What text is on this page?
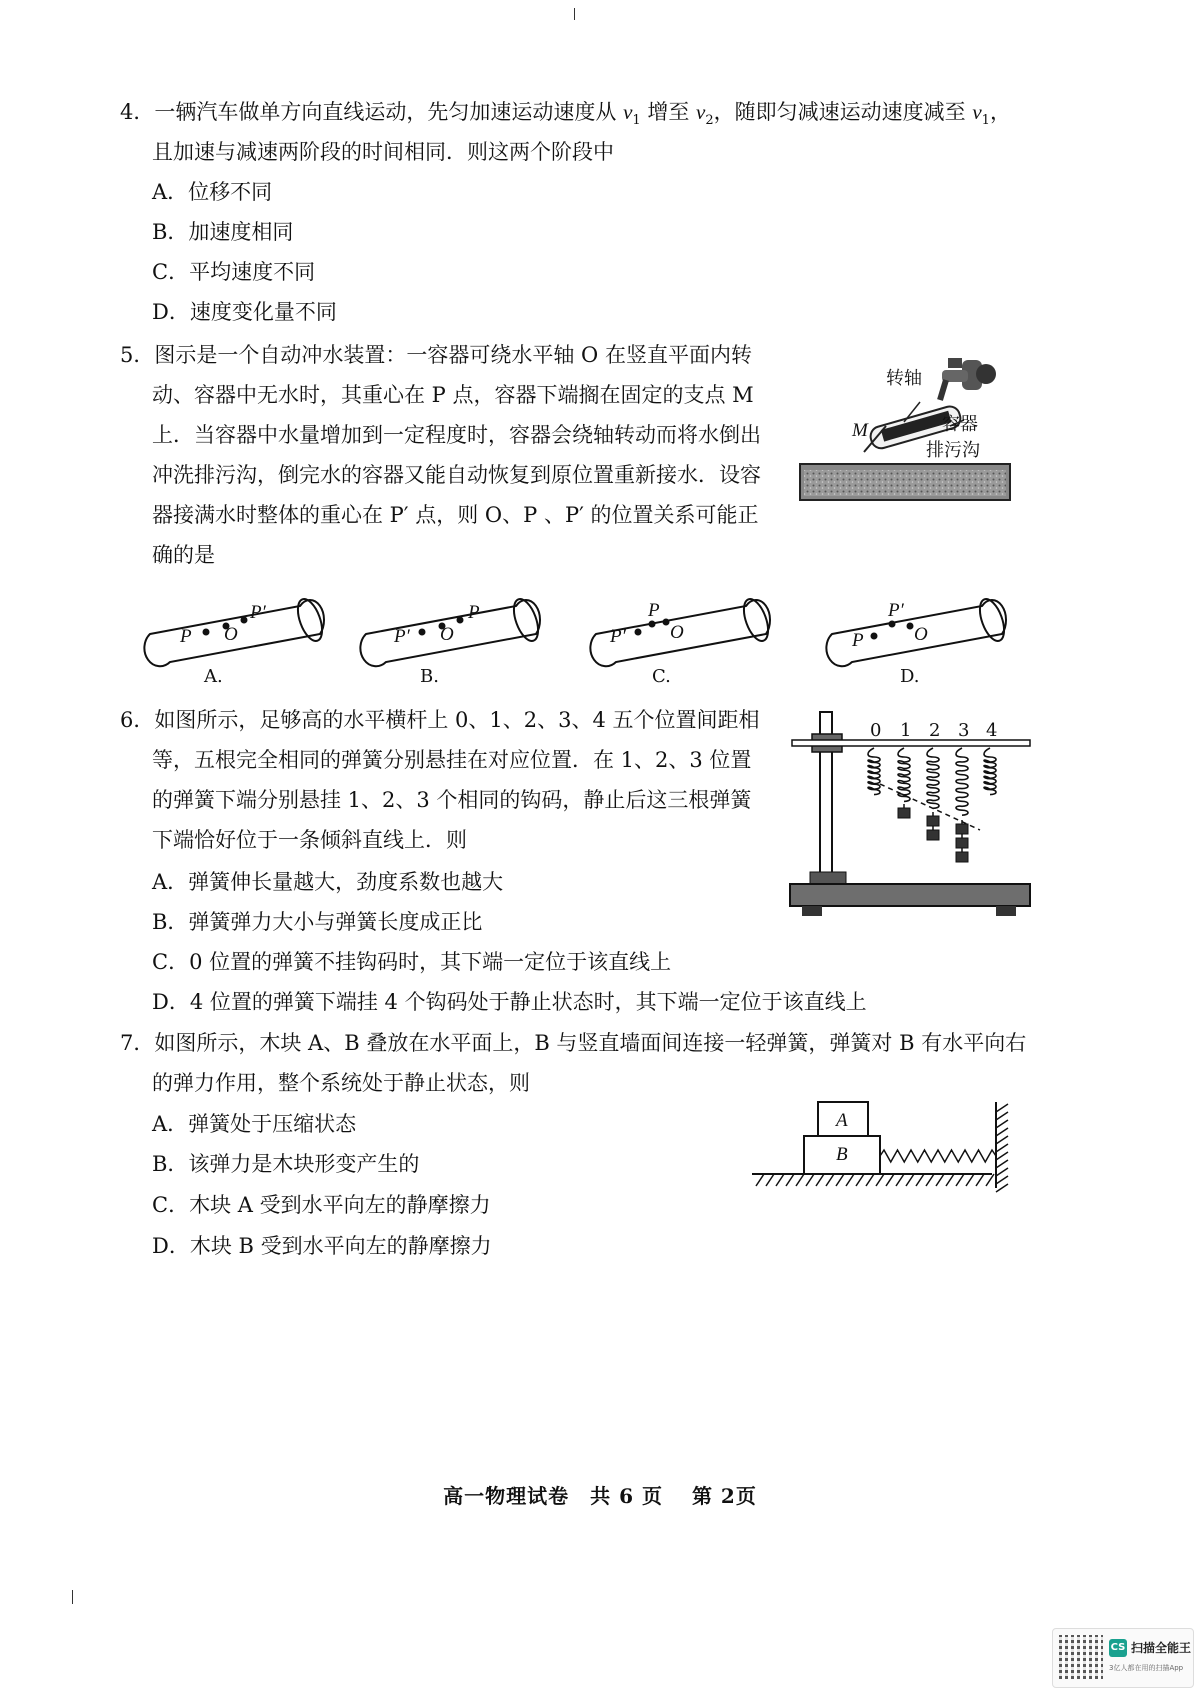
4．一辆汽车做单方向直线运动，先匀加速运动速度从 $v_1$ 增至 $v_2$，随即匀减速运动速度减至 $v_1$，
且加速与减速两阶段的时间相同．则这两个阶段中
A．位移不同
B．加速度相同
C．平均速度不同
D．速度变化量不同
5．图示是一个自动冲水装置：一容器可绕水平轴 O 在竖直平面内转
动、容器中无水时，其重心在 P 点，容器下端搁在固定的支点 M
上．当容器中水量增加到一定程度时，容器会绕轴转动而将水倒出
冲洗排污沟，倒完水的容器又能自动恢复到原位置重新接水．设容
器接满水时整体的重心在 P′ 点，则 O、P 、P′ 的位置关系可能正
确的是
转轴
容器
排污沟
M
P O
P′
A.
P′ O
P
B.
P′
P
O
C.
P
P′
O
D.
6．如图所示，足够高的水平横杆上 0、1、2、3、4 五个位置间距相
等，五根完全相同的弹簧分别悬挂在对应位置．在 1、2、3 位置
的弹簧下端分别悬挂 1、2、3 个相同的钩码，静止后这三根弹簧
下端恰好位于一条倾斜直线上．则
A．弹簧伸长量越大，劲度系数也越大
B．弹簧弹力大小与弹簧长度成正比
C．0 位置的弹簧不挂钩码时，其下端一定位于该直线上
D．4 位置的弹簧下端挂 4 个钩码处于静止状态时，其下端一定位于该直线上
0 1 2 3 4
7．如图所示，木块 A、B 叠放在水平面上，B 与竖直墙面间连接一轻弹簧，弹簧对 B 有水平向右
的弹力作用，整个系统处于静止状态，则
A．弹簧处于压缩状态
B．该弹力是木块形变产生的
C．木块 A 受到水平向左的静摩擦力
D．木块 B 受到水平向左的静摩擦力
B
A
高一物理试卷　共 6 页　 第 2页
CS 扫描全能王
3亿人都在用的扫描App
